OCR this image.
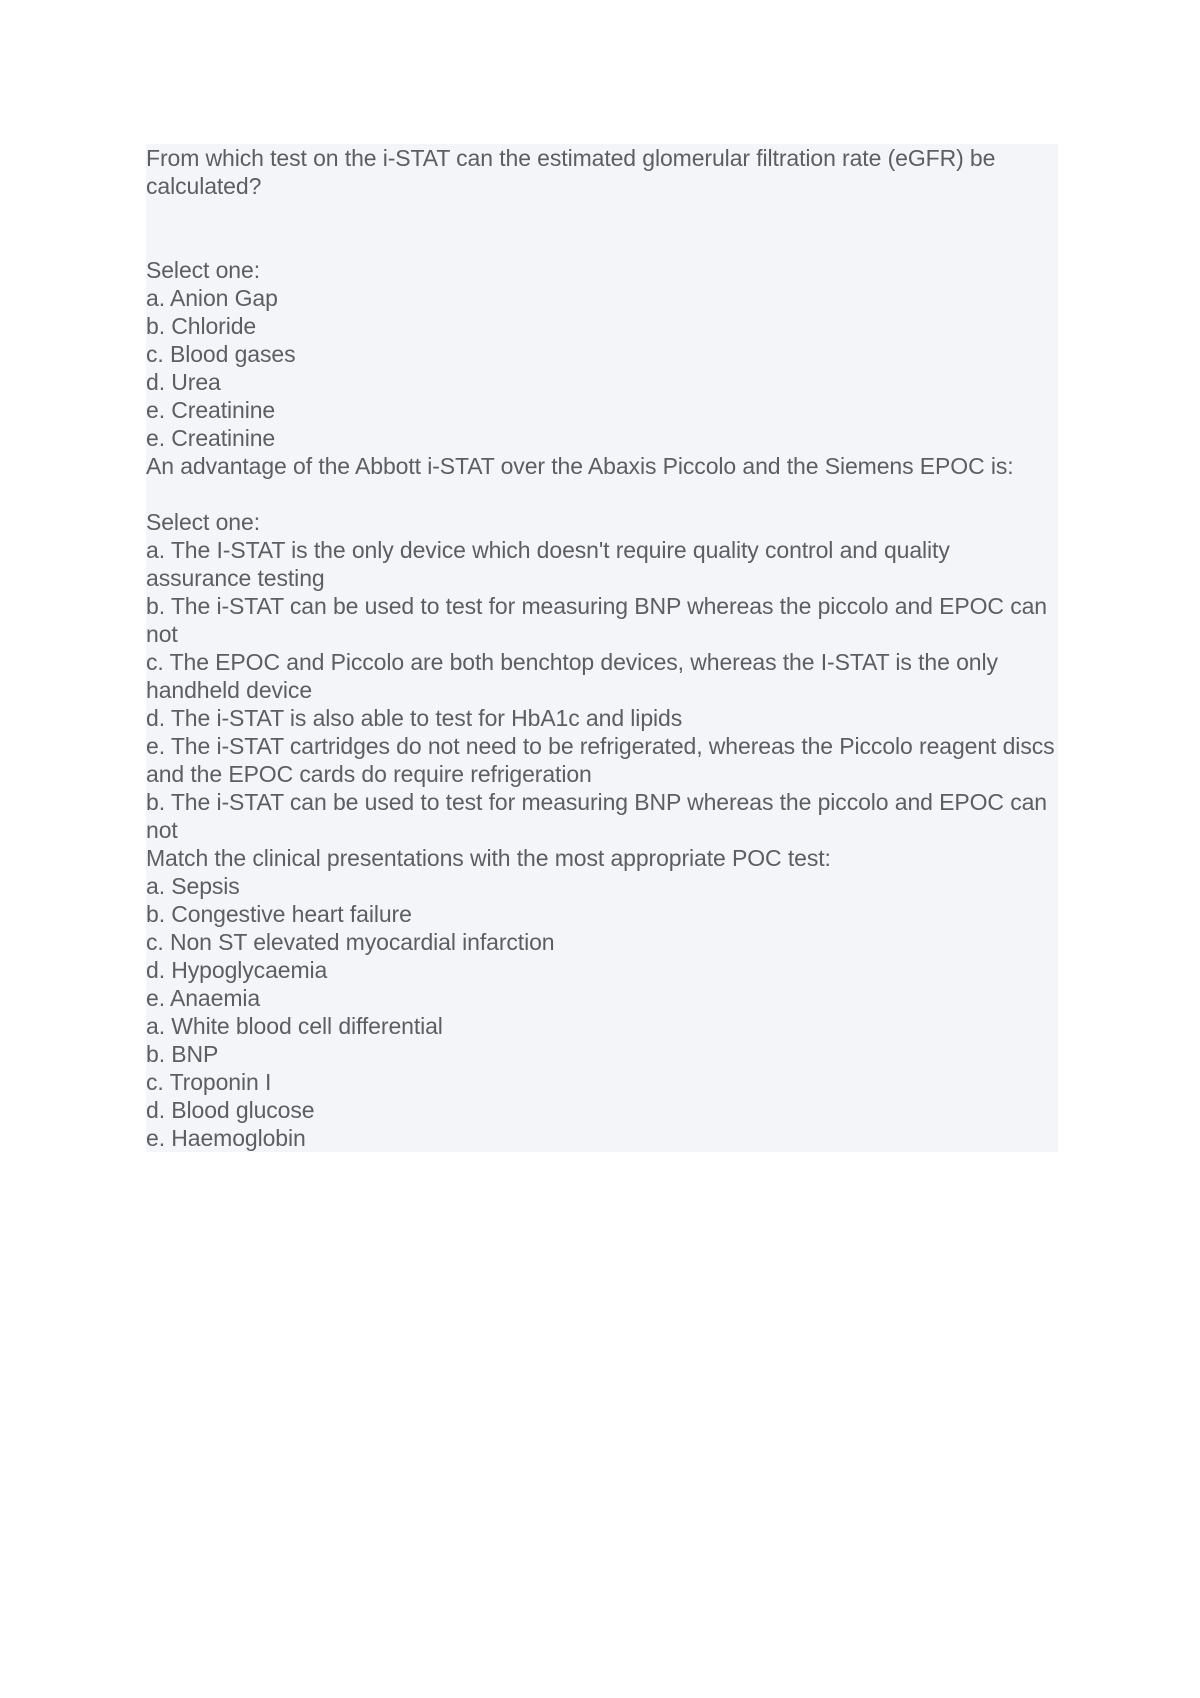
From which test on the i-STAT can the estimated glomerular filtration rate (eGFR) be calculated?
Select one:
a. Anion Gap
b. Chloride
c. Blood gases
d. Urea
e. Creatinine
e. Creatinine
An advantage of the Abbott i-STAT over the Abaxis Piccolo and the Siemens EPOC is:
Select one:
a. The I-STAT is the only device which doesn't require quality control and quality assurance testing
b. The i-STAT can be used to test for measuring BNP whereas the piccolo and EPOC can not
c. The EPOC and Piccolo are both benchtop devices, whereas the I-STAT is the only handheld device
d. The i-STAT is also able to test for HbA1c and lipids
e. The i-STAT cartridges do not need to be refrigerated, whereas the Piccolo reagent discs and the EPOC cards do require refrigeration
b. The i-STAT can be used to test for measuring BNP whereas the piccolo and EPOC can not
Match the clinical presentations with the most appropriate POC test:
a. Sepsis
b. Congestive heart failure
c. Non ST elevated myocardial infarction
d. Hypoglycaemia
e. Anaemia
a. White blood cell differential
b. BNP
c. Troponin I
d. Blood glucose
e. Haemoglobin
